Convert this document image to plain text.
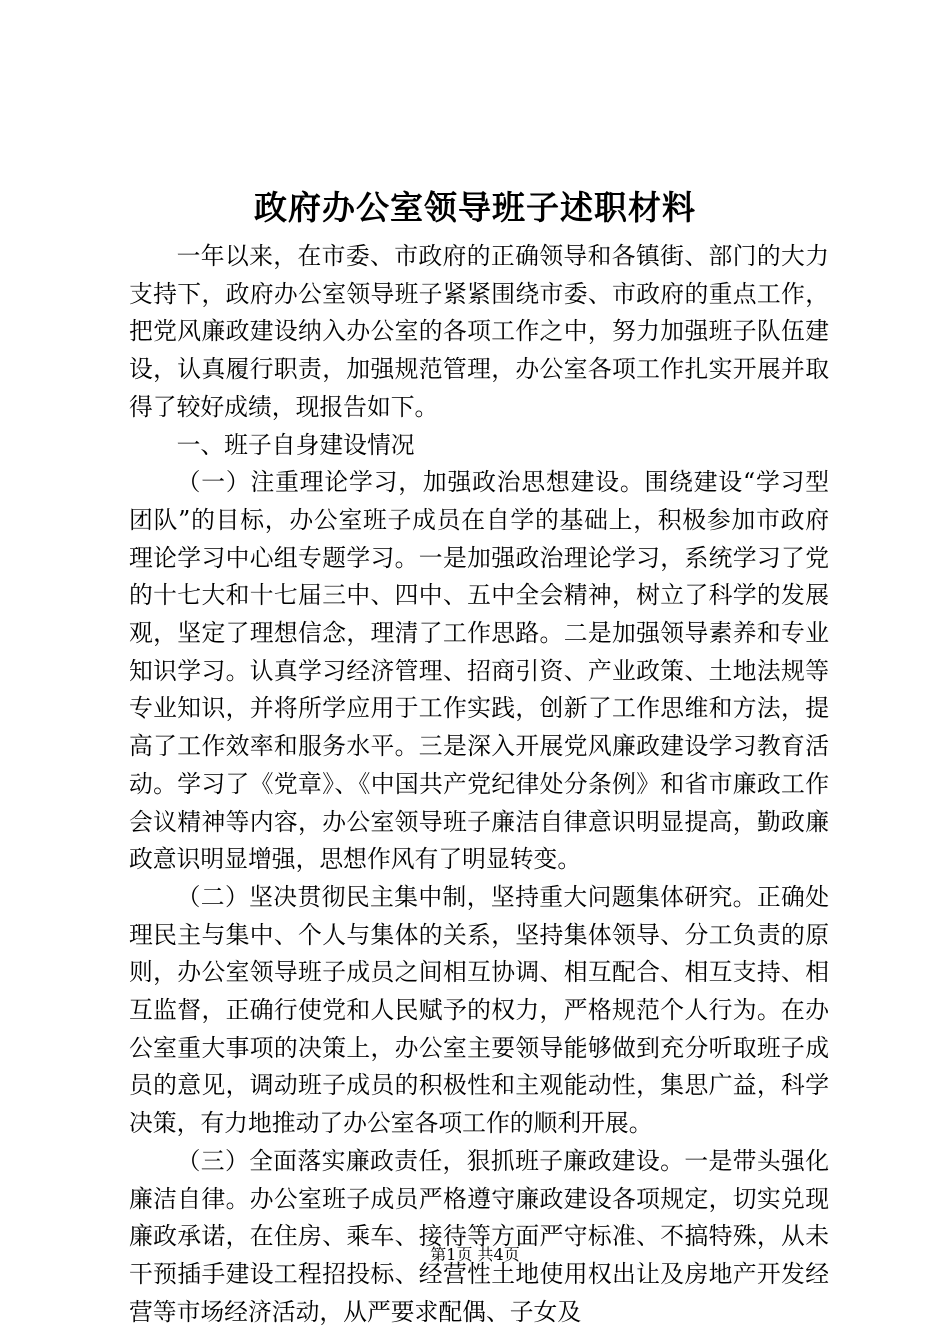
政府办公室领导班子述职材料

一年以来，在市委、市政府的正确领导和各镇街、部门的大力支持下，政府办公室领导班子紧紧围绕市委、市政府的重点工作，把党风廉政建设纳入办公室的各项工作之中，努力加强班子队伍建设，认真履行职责，加强规范管理，办公室各项工作扎实开展并取得了较好成绩，现报告如下。

一、班子自身建设情况

（一）注重理论学习，加强政治思想建设。围绕建设“学习型团队”的目标，办公室班子成员在自学的基础上，积极参加市政府理论学习中心组专题学习。一是加强政治理论学习，系统学习了党的十七大和十七届三中、四中、五中全会精神，树立了科学的发展观，坚定了理想信念，理清了工作思路。二是加强领导素养和专业知识学习。认真学习经济管理、招商引资、产业政策、土地法规等专业知识，并将所学应用于工作实践，创新了工作思维和方法，提高了工作效率和服务水平。三是深入开展党风廉政建设学习教育活动。学习了《党章》、《中国共产党纪律处分条例》和省市廉政工作会议精神等内容，办公室领导班子廉洁自律意识明显提高，勤政廉政意识明显增强，思想作风有了明显转变。

（二）坚决贯彻民主集中制，坚持重大问题集体研究。正确处理民主与集中、个人与集体的关系，坚持集体领导、分工负责的原则，办公室领导班子成员之间相互协调、相互配合、相互支持、相互监督，正确行使党和人民赋予的权力，严格规范个人行为。在办公室重大事项的决策上，办公室主要领导能够做到充分听取班子成员的意见，调动班子成员的积极性和主观能动性，集思广益，科学决策，有力地推动了办公室各项工作的顺利开展。

（三）全面落实廉政责任，狠抓班子廉政建设。一是带头强化廉洁自律。办公室班子成员严格遵守廉政建设各项规定，切实兑现廉政承诺，在住房、乘车、接待等方面严守标准、不搞特殊，从未干预插手建设工程招投标、经营性土地使用权出让及房地产开发经营等市场经济活动，从严要求配偶、子女及

第1页 共4页
